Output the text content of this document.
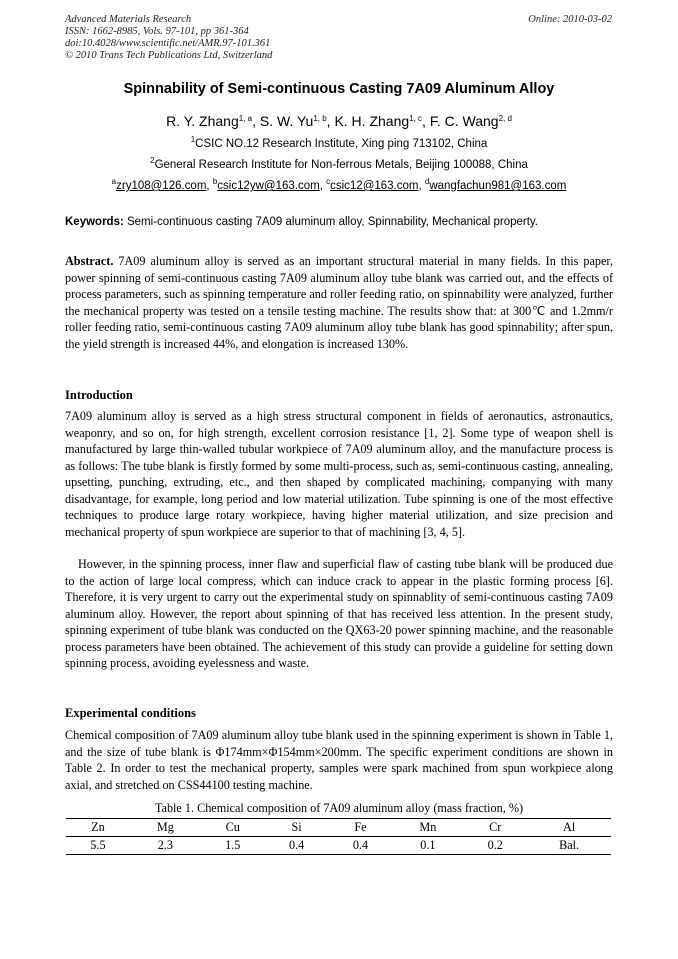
Advanced Materials Research
ISSN: 1662-8985, Vols. 97-101, pp 361-364
doi:10.4028/www.scientific.net/AMR.97-101.361
© 2010 Trans Tech Publications Ltd, Switzerland
Online: 2010-03-02
Spinnability of Semi-continuous Casting 7A09 Aluminum Alloy
R. Y. Zhang$^{1, a}$, S. W. Yu$^{1, b}$, K. H. Zhang$^{1, c}$, F. C. Wang$^{2, d}$
$^1$CSIC NO.12 Research Institute, Xing ping 713102, China
$^2$General Research Institute for Non-ferrous Metals, Beijing 100088, China
$^a$zry108@126.com, $^b$csic12yw@163.com, $^c$csic12@163.com, $^d$wangfachun981@163.com
Keywords: Semi-continuous casting 7A09 aluminum alloy, Spinnability, Mechanical property.
Abstract. 7A09 aluminum alloy is served as an important structural material in many fields. In this paper, power spinning of semi-continuous casting 7A09 aluminum alloy tube blank was carried out, and the effects of process parameters, such as spinning temperature and roller feeding ratio, on spinnability were analyzed, further the mechanical property was tested on a tensile testing machine. The results show that: at 300℃ and 1.2mm/r roller feeding ratio, semi-continuous casting 7A09 aluminum alloy tube blank has good spinnability; after spun, the yield strength is increased 44%, and elongation is increased 130%.
Introduction
7A09 aluminum alloy is served as a high stress structural component in fields of aeronautics, astronautics, weaponry, and so on, for high strength, excellent corrosion resistance [1, 2]. Some type of weapon shell is manufactured by large thin-walled tubular workpiece of 7A09 aluminum alloy, and the manufacture process is as follows: The tube blank is firstly formed by some multi-process, such as, semi-continuous casting, annealing, upsetting, punching, extruding, etc., and then shaped by complicated machining, companying with many disadvantage, for example, long period and low material utilization. Tube spinning is one of the most effective techniques to produce large rotary workpiece, having higher material utilization, and size precision and mechanical property of spun workpiece are superior to that of machining [3, 4, 5].
However, in the spinning process, inner flaw and superficial flaw of casting tube blank will be produced due to the action of large local compress, which can induce crack to appear in the plastic forming process [6]. Therefore, it is very urgent to carry out the experimental study on spinnablity of semi-continuous casting 7A09 aluminum alloy. However, the report about spinning of that has received less attention. In the present study, spinning experiment of tube blank was conducted on the QX63-20 power spinning machine, and the reasonable process parameters have been obtained. The achievement of this study can provide a guideline for setting down spinning process, avoiding eyelessness and waste.
Experimental conditions
Chemical composition of 7A09 aluminum alloy tube blank used in the spinning experiment is shown in Table 1, and the size of tube blank is Φ174mm×Φ154mm×200mm. The specific experiment conditions are shown in Table 2. In order to test the mechanical property, samples were spark machined from spun workpiece along axial, and stretched on CSS44100 testing machine.
Table 1. Chemical composition of 7A09 aluminum alloy (mass fraction, %)
Zn	Mg	Cu	Si	Fe	Mn	Cr	Al
5.5	2.3	1.5	0.4	0.4	0.1	0.2	Bal.
